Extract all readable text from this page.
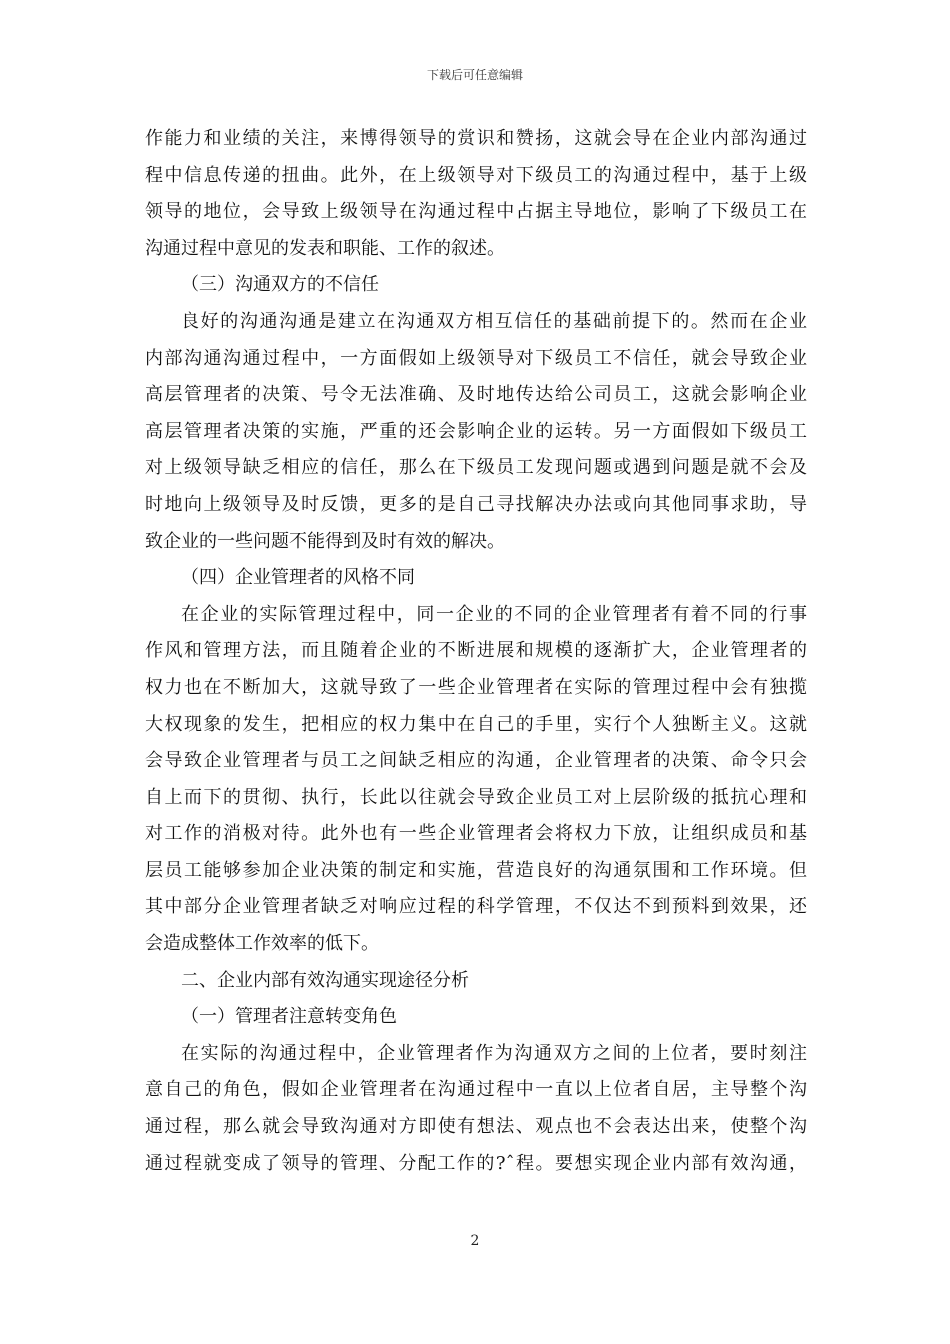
下载后可任意编辑
作能力和业绩的关注，来博得领导的赏识和赞扬，这就会导在企业内部沟通过
程中信息传递的扭曲。此外，在上级领导对下级员工的沟通过程中，基于上级
领导的地位，会导致上级领导在沟通过程中占据主导地位，影响了下级员工在
沟通过程中意见的发表和职能、工作的叙述。
（三）沟通双方的不信任
良好的沟通沟通是建立在沟通双方相互信任的基础前提下的。然而在企业
内部沟通沟通过程中，一方面假如上级领导对下级员工不信任，就会导致企业
高层管理者的决策、号令无法准确、及时地传达给公司员工，这就会影响企业
高层管理者决策的实施，严重的还会影响企业的运转。另一方面假如下级员工
对上级领导缺乏相应的信任，那么在下级员工发现问题或遇到问题是就不会及
时地向上级领导及时反馈，更多的是自己寻找解决办法或向其他同事求助，导
致企业的一些问题不能得到及时有效的解决。
（四）企业管理者的风格不同
在企业的实际管理过程中，同一企业的不同的企业管理者有着不同的行事
作风和管理方法，而且随着企业的不断进展和规模的逐渐扩大，企业管理者的
权力也在不断加大，这就导致了一些企业管理者在实际的管理过程中会有独揽
大权现象的发生，把相应的权力集中在自己的手里，实行个人独断主义。这就
会导致企业管理者与员工之间缺乏相应的沟通，企业管理者的决策、命令只会
自上而下的贯彻、执行，长此以往就会导致企业员工对上层阶级的抵抗心理和
对工作的消极对待。此外也有一些企业管理者会将权力下放，让组织成员和基
层员工能够参加企业决策的制定和实施，营造良好的沟通氛围和工作环境。但
其中部分企业管理者缺乏对响应过程的科学管理，不仅达不到预料到效果，还
会造成整体工作效率的低下。
二、企业内部有效沟通实现途径分析
（一）管理者注意转变角色
在实际的沟通过程中，企业管理者作为沟通双方之间的上位者，要时刻注
意自己的角色，假如企业管理者在沟通过程中一直以上位者自居，主导整个沟
通过程，那么就会导致沟通对方即使有想法、观点也不会表达出来，使整个沟
通过程就变成了领导的管理、分配工作的?ˆ程。要想实现企业内部有效沟通，
2
